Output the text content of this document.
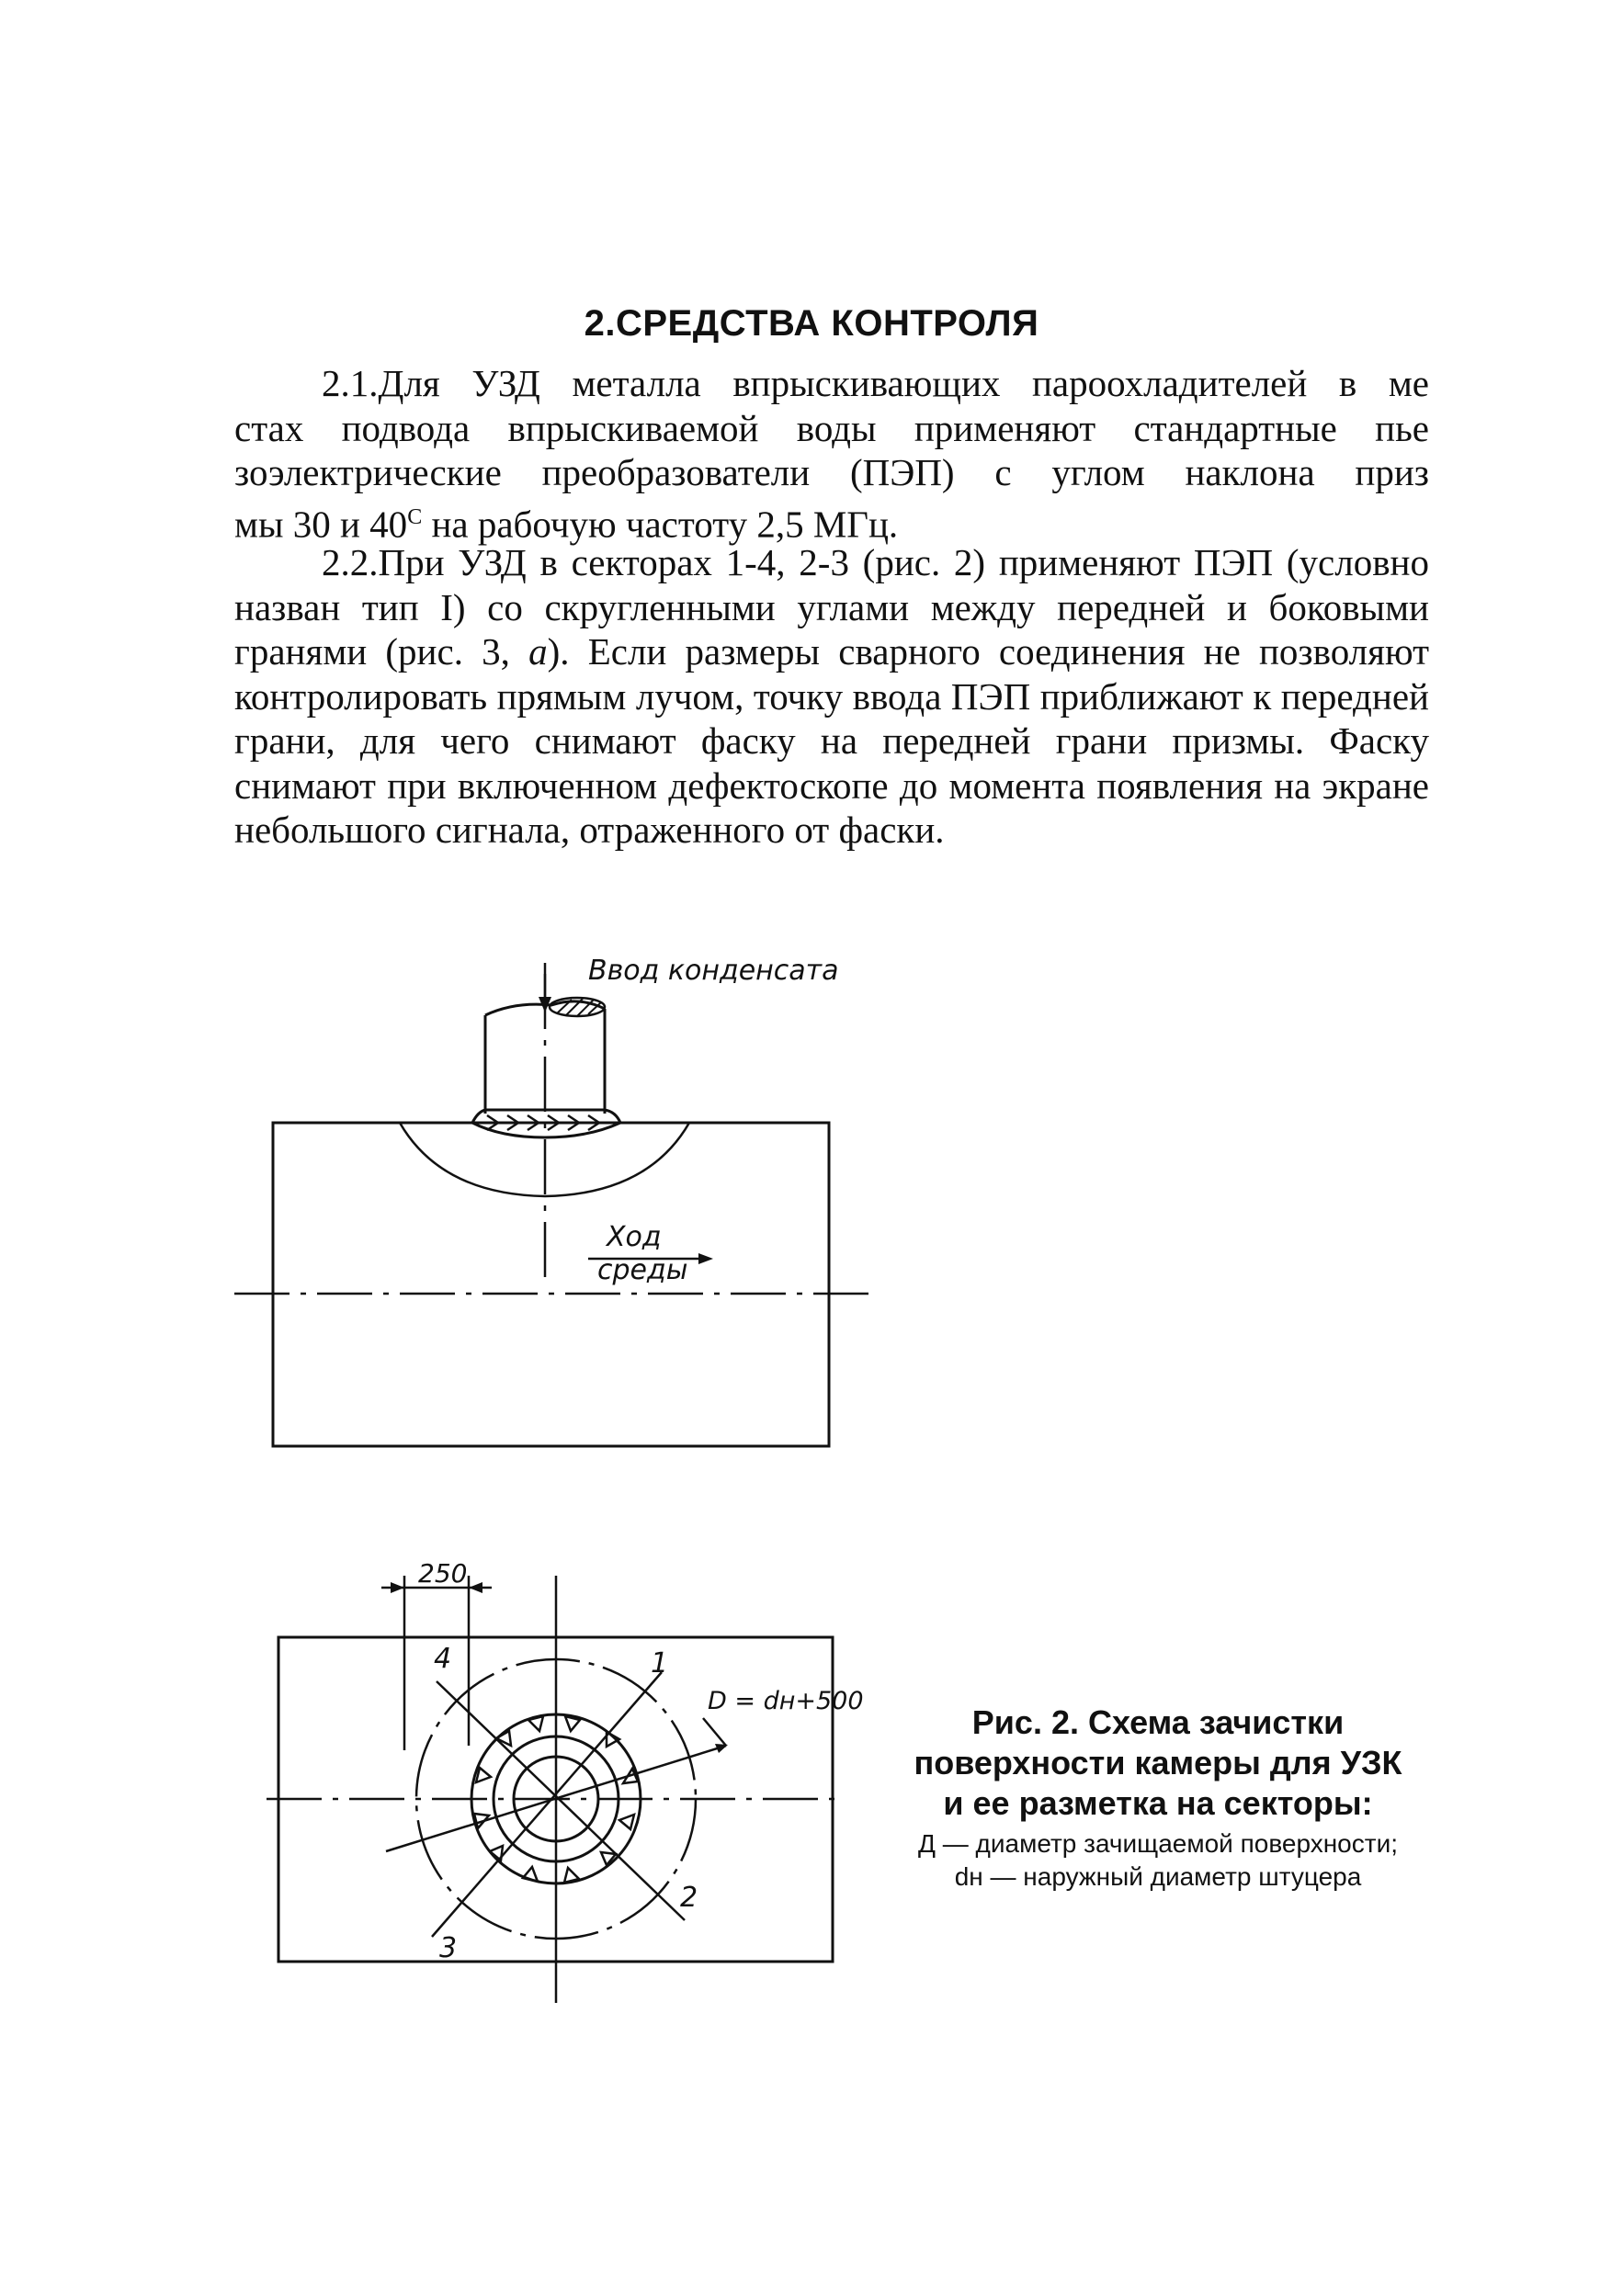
2.СРЕДСТВА КОНТРОЛЯ

2.1.Для УЗД металла впрыскивающих пароохладителей в ме

стах подвода впрыскиваемой воды применяют стандартные пье
зоэлектрические преобразователи (ПЭП) с углом наклона приз
мы 30 и $40^С$ на рабочую частоту 2,5 МГц.

2.2.При УЗД в секторах 1-4, 2-3 (рис. 2) применяют ПЭП (условно назван тип I) со скругленными углами между передней и боковыми гранями (рис. 3, а). Если размеры сварного соединения не позволяют контролировать прямым лучом, точку ввода ПЭП приближают к передней грани, для чего снимают фаску на передней грани призмы. Фаску снимают при включенном дефектоскопе до момента появления на экране небольшого сигнала, отраженного от фаски.

Ввод конденсата
Ход
среды
250
D = dн+500
1
2
3
4
Рис. 2. Схема зачистки
поверхности камеры для УЗК
и ее разметка на секторы:
Д — диаметр зачищаемой поверхности;
dн — наружный диаметр штуцера
